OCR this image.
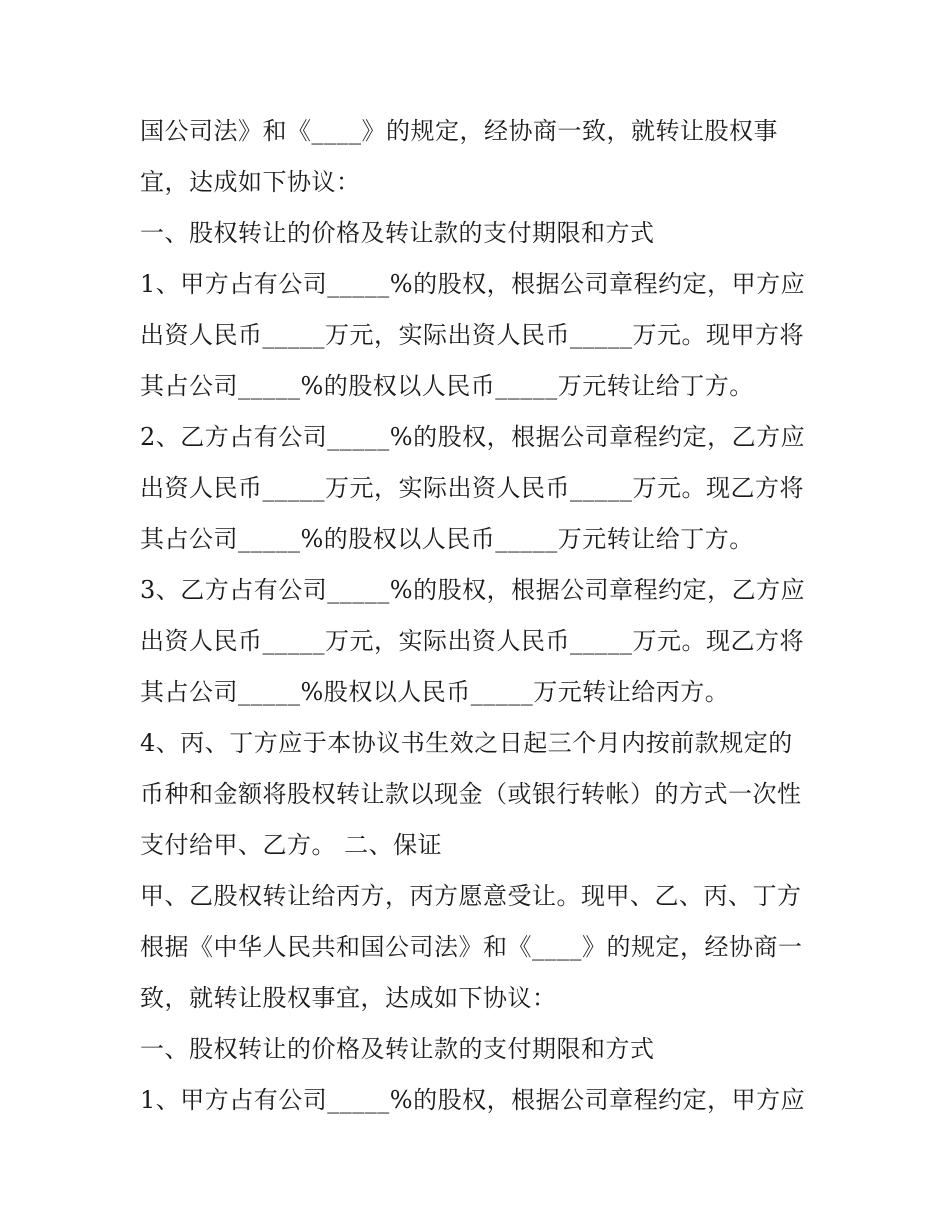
国公司法》和《____》的规定，经协商一致，就转让股权事
宜，达成如下协议：
一、股权转让的价格及转让款的支付期限和方式
1、甲方占有公司_____%的股权，根据公司章程约定，甲方应
出资人民币_____万元，实际出资人民币_____万元。现甲方将
其占公司_____%的股权以人民币_____万元转让给丁方。
2、乙方占有公司_____%的股权，根据公司章程约定，乙方应
出资人民币_____万元，实际出资人民币_____万元。现乙方将
其占公司_____%的股权以人民币_____万元转让给丁方。
3、乙方占有公司_____%的股权，根据公司章程约定，乙方应
出资人民币_____万元，实际出资人民币_____万元。现乙方将
其占公司_____%股权以人民币_____万元转让给丙方。
4、丙、丁方应于本协议书生效之日起三个月内按前款规定的
币种和金额将股权转让款以现金（或银行转帐）的方式一次性
支付给甲、乙方。 二、保证
甲、乙股权转让给丙方，丙方愿意受让。现甲、乙、丙、丁方
根据《中华人民共和国公司法》和《____》的规定，经协商一
致，就转让股权事宜，达成如下协议：
一、股权转让的价格及转让款的支付期限和方式
1、甲方占有公司_____%的股权，根据公司章程约定，甲方应
